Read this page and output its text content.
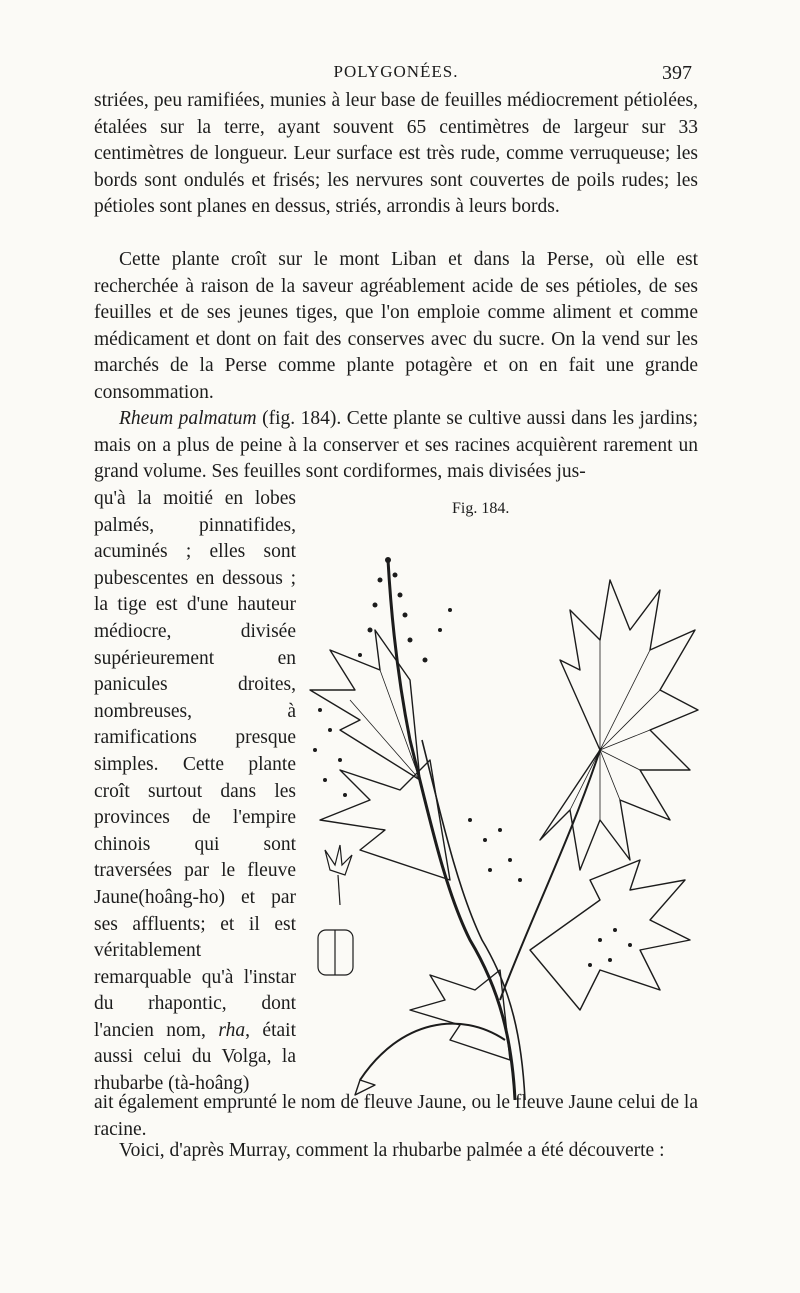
POLYGONÉES.	397
striées, peu ramifiées, munies à leur base de feuilles médiocrement pétiolées, étalées sur la terre, ayant souvent 65 centimètres de largeur sur 33 centimètres de longueur. Leur surface est très rude, comme verruqueuse; les bords sont ondulés et frisés; les nervures sont couvertes de poils rudes; les pétioles sont planes en dessus, striés, arrondis à leurs bords.
Cette plante croît sur le mont Liban et dans la Perse, où elle est recherchée à raison de la saveur agréablement acide de ses pétioles, de ses feuilles et de ses jeunes tiges, que l'on emploie comme aliment et comme médicament et dont on fait des conserves avec du sucre. On la vend sur les marchés de la Perse comme plante potagère et on en fait une grande consommation.
Rheum palmatum (fig. 184). Cette plante se cultive aussi dans les jardins; mais on a plus de peine à la conserver et ses racines acquièrent rarement un grand volume. Ses feuilles sont cordiformes, mais divisées jus-
qu'à la moitié en lobes palmés, pinnatifides, acuminés ; elles sont pubescentes en dessous ; la tige est d'une hauteur médiocre, divisée supérieurement en panicules droites, nombreuses, à ramifications presque simples. Cette plante croît surtout dans les provinces de l'empire chinois qui sont traversées par le fleuve Jaune(hoâng-ho) et par ses affluents; et il est véritablement remarquable qu'à l'instar du rhapontic, dont l'ancien nom, rha, était aussi celui du Volga, la rhubarbe (tà-hoâng)
Fig. 184.
ait également emprunté le nom de fleuve Jaune, ou le fleuve Jaune celui de la racine.
Voici, d'après Murray, comment la rhubarbe palmée a été découverte :
